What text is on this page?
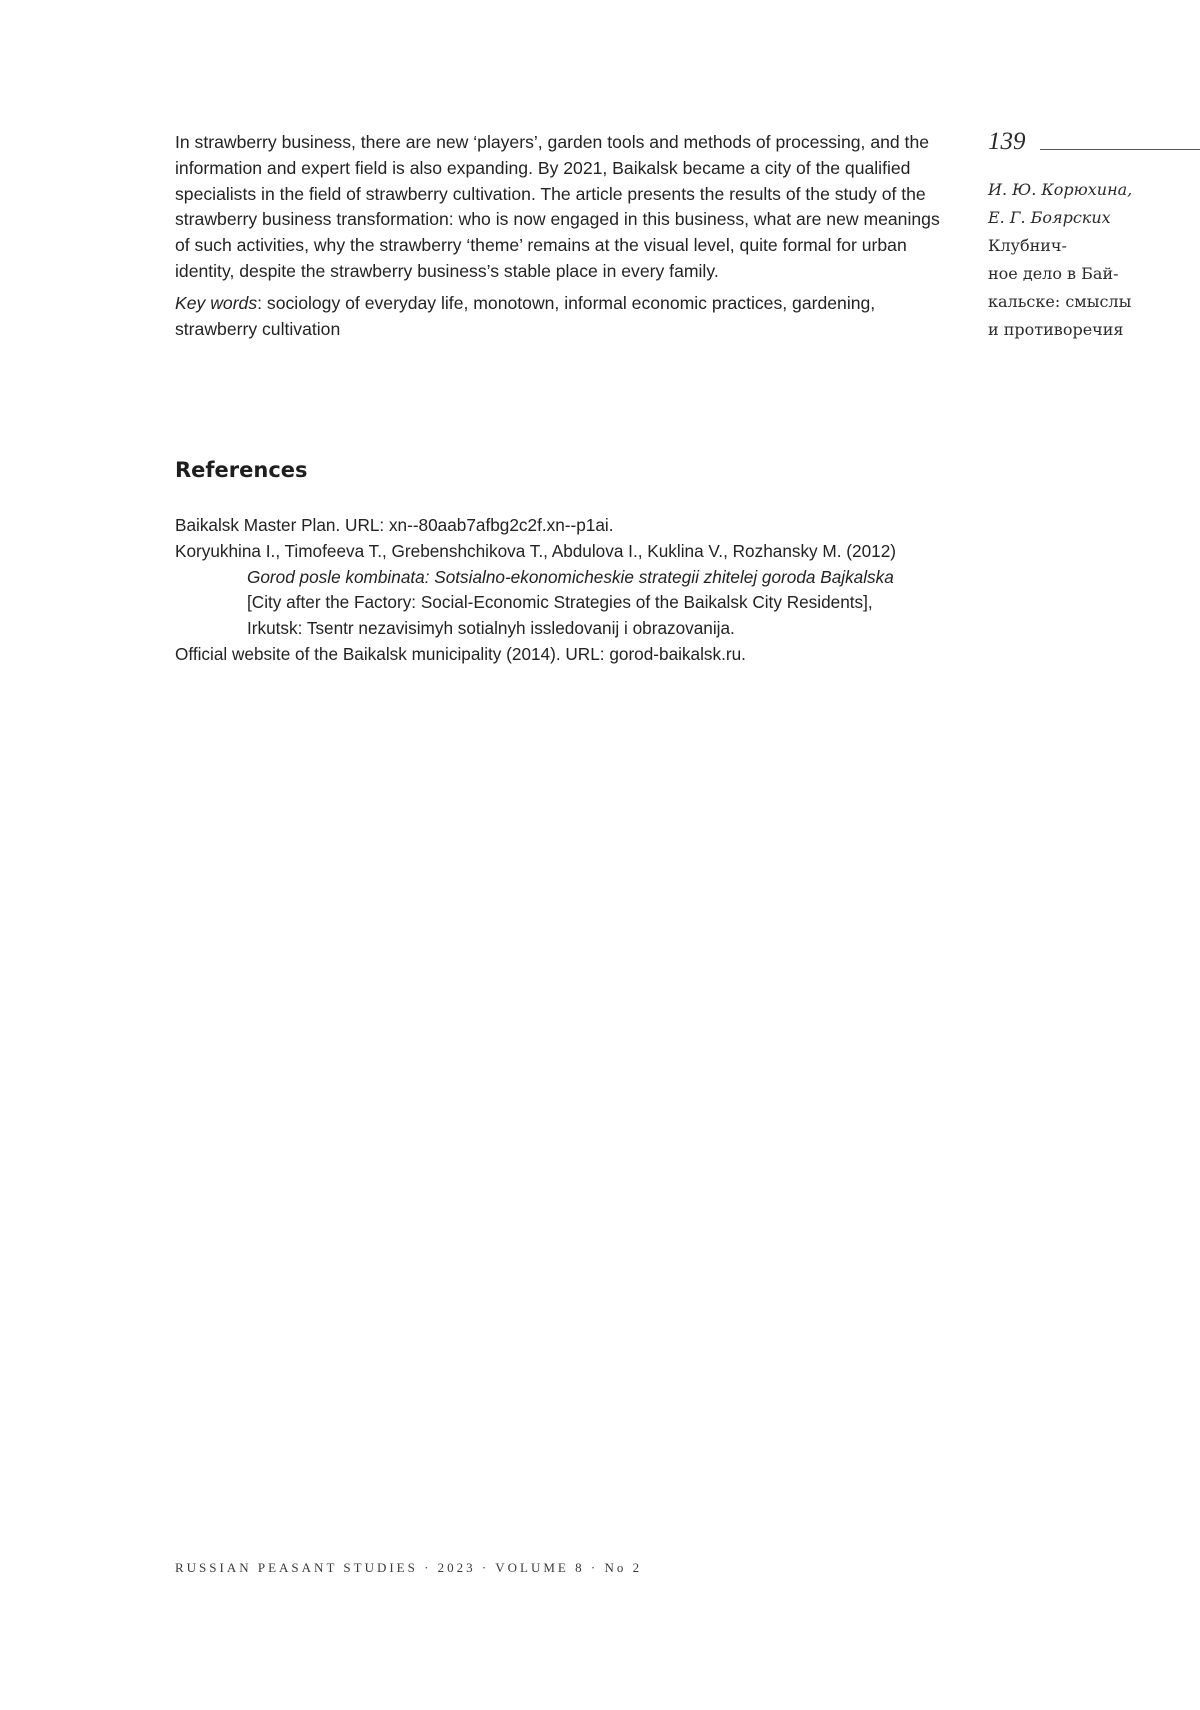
In strawberry business, there are new ‘players’, garden tools and methods of processing, and the information and expert field is also expanding. By 2021, Baikalsk became a city of the qualified specialists in the field of strawberry cultivation. The article presents the results of the study of the strawberry business transformation: who is now engaged in this business, what are new meanings of such activities, why the strawberry ‘theme’ remains at the visual level, quite formal for urban identity, despite the strawberry business’s stable place in every family.

Key words: sociology of everyday life, monotown, informal economic practices, gardening, strawberry cultivation

References

Baikalsk Master Plan. URL: xn--80aab7afbg2c2f.xn--p1ai.

Koryukhina I., Timofeeva T., Grebenshchikova T., Abdulova I., Kuklina V., Rozhansky M. (2012)

Gorod posle kombinata: Sotsialno-ekonomicheskie strategii zhitelej goroda Bajkalska

[City after the Factory: Social-Economic Strategies of the Baikalsk City Residents],

Irkutsk: Tsentr nezavisimyh sotialnyh issledovanij i obrazovanija.

Official website of the Baikalsk municipality (2014). URL: gorod-baikalsk.ru.

139
И. Ю. Корюхина,
Е. Г. Боярских
Клубнич-
ное дело в Бай-
кальске: смыслы
и противоречия
RUSSIAN PEASANT STUDIES · 2023 · VOLUME 8 · No 2
